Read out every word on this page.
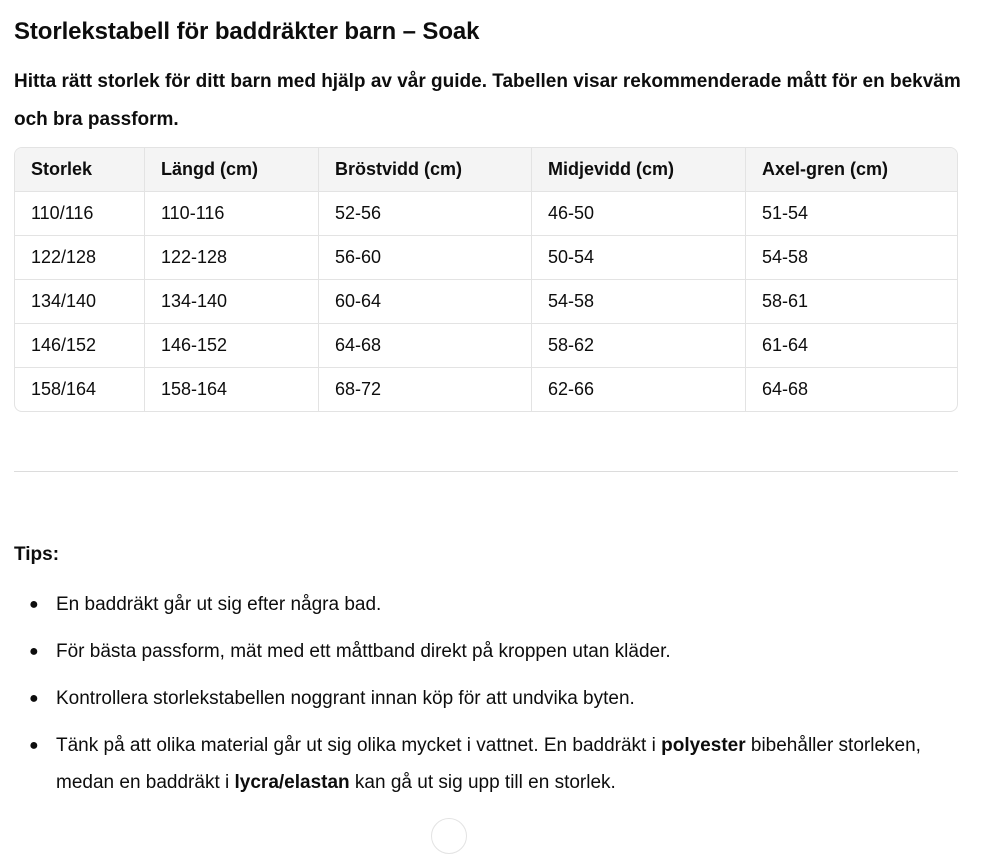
Storlekstabell för baddräkter barn – Soak

Hitta rätt storlek för ditt barn med hjälp av vår guide. Tabellen visar rekommenderade mått för en bekväm och bra passform.

Storlek	Längd (cm)	Bröstvidd (cm)	Midjevidd (cm)	Axel-gren (cm)
110/116	110-116	52-56	46-50	51-54
122/128	122-128	56-60	50-54	54-58
134/140	134-140	60-64	54-58	58-61
146/152	146-152	64-68	58-62	61-64
158/164	158-164	68-72	62-66	64-68
Tips:
● En baddräkt går ut sig efter några bad.
● För bästa passform, mät med ett måttband direkt på kroppen utan kläder.
● Kontrollera storlekstabellen noggrant innan köp för att undvika byten.
● Tänk på att olika material går ut sig olika mycket i vattnet. En baddräkt i polyester bibehåller storleken, medan en baddräkt i lycra/elastan kan gå ut sig upp till en storlek.
